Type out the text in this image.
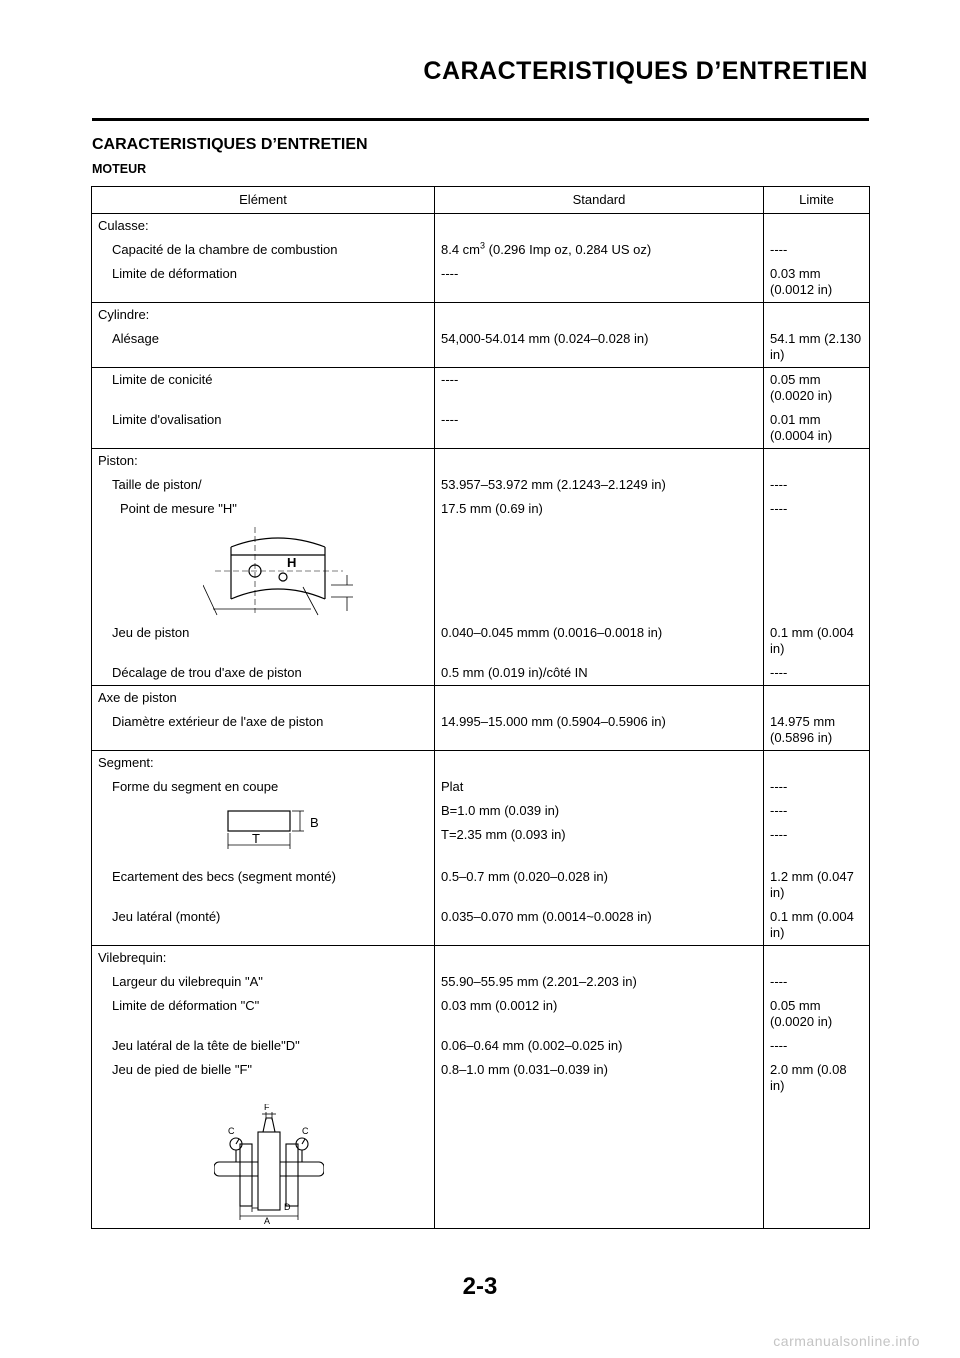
CARACTERISTIQUES D’ENTRETIEN
CARACTERISTIQUES D’ENTRETIEN
MOTEUR
Elément	Standard	Limite
Culasse:		
Capacité de la chambre de combustion	8.4 $cm^3$ (0.296 Imp oz, 0.284 US oz)	----
Limite de déformation	----	0.03 mm (0.0012 in)
Cylindre:		
Alésage	54,000-54.014 mm (0.024–0.028 in)	54.1 mm (2.130 in)
Limite de conicité	----	0.05 mm (0.0020 in)
Limite d'ovalisation	----	0.01 mm (0.0004 in)
Piston:		
Taille de piston/	53.957–53.972 mm (2.1243–2.1249 in)	----
Point de mesure "H"	17.5 mm (0.69 in)	----

H		

Jeu de piston	0.040–0.045 mmm (0.0016–0.0018 in)	0.1 mm (0.004 in)
Décalage de trou d'axe de piston	0.5 mm (0.019 in)/côté IN	----
Axe de piston		
Diamètre extérieur de l'axe de piston	14.995–15.000 mm (0.5904–0.5906 in)	14.975 mm (0.5896 in)
Segment:		
Forme du segment en coupe	Plat	----

B
T	B=1.0 mm (0.039 in)	----
	T=2.35 mm (0.093 in)	----
Ecartement des becs (segment monté)	0.5–0.7 mm (0.020–0.028 in)	1.2 mm (0.047 in)
Jeu latéral (monté)	0.035–0.070 mm (0.0014~0.0028 in)	0.1 mm (0.004 in)
Vilebrequin:		
Largeur du vilebrequin "A"	55.90–55.95 mm (2.201–2.203 in)	----
Limite de déformation "C"	0.03 mm (0.0012 in)	0.05 mm (0.0020 in)
Jeu latéral de la tête de bielle"D"	0.06–0.64 mm (0.002–0.025 in)	----
Jeu de pied de bielle "F"	0.8–1.0 mm (0.031–0.039 in)	2.0 mm (0.08 in)

F
C C
D
A		

2-3
carmanualsonline.info
